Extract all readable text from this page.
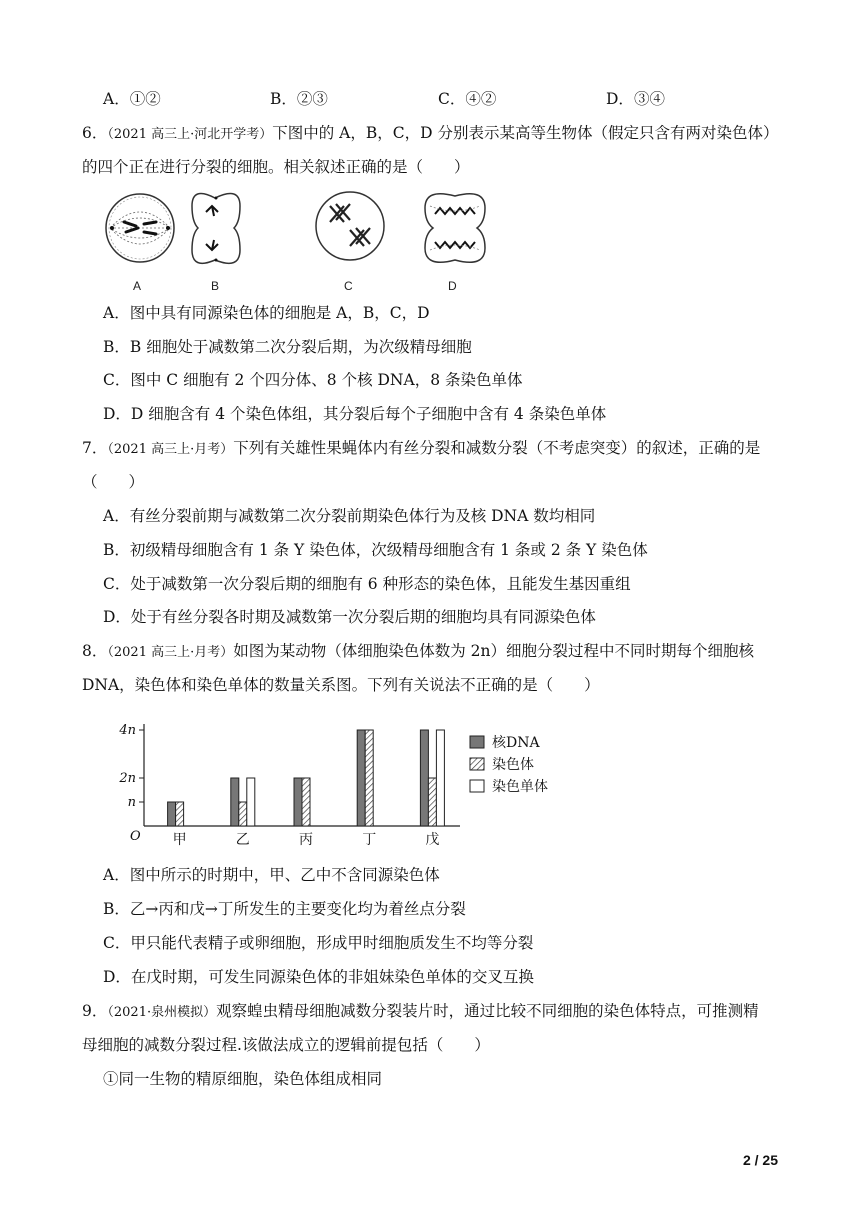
A．①②	B．②③	C．④②	D．③④
6．（2021 高三上·河北开学考）下图中的 A，B，C，D 分别表示某高等生物体（假定只含有两对染色体）
的四个正在进行分裂的细胞。相关叙述正确的是（　　）
A	B	C	D
A．图中具有同源染色体的细胞是 A，B，C，D
B．B 细胞处于减数第二次分裂后期，为次级精母细胞
C．图中 C 细胞有 2 个四分体、8 个核 DNA，8 条染色单体
D．D 细胞含有 4 个染色体组，其分裂后每个子细胞中含有 4 条染色单体
7．（2021 高三上·月考）下列有关雄性果蝇体内有丝分裂和减数分裂（不考虑突变）的叙述，正确的是
（　　）
A．有丝分裂前期与减数第二次分裂前期染色体行为及核 DNA 数均相同
B．初级精母细胞含有 1 条 Y 染色体，次级精母细胞含有 1 条或 2 条 Y 染色体
C．处于减数第一次分裂后期的细胞有 6 种形态的染色体，且能发生基因重组
D．处于有丝分裂各时期及减数第一次分裂后期的细胞均具有同源染色体
8．（2021 高三上·月考）如图为某动物（体细胞染色体数为 2n）细胞分裂过程中不同时期每个细胞核
DNA，染色体和染色单体的数量关系图。下列有关说法不正确的是（　　）
n
2n
4n
O 甲	乙	丙	丁	戊
核DNA
染色体
染色单体
A．图中所示的时期中，甲、乙中不含同源染色体
B．乙→丙和戊→丁所发生的主要变化均为着丝点分裂
C．甲只能代表精子或卵细胞，形成甲时细胞质发生不均等分裂
D．在戊时期，可发生同源染色体的非姐妹染色单体的交叉互换
9．（2021·泉州模拟）观察蝗虫精母细胞减数分裂装片时，通过比较不同细胞的染色体特点，可推测精
母细胞的减数分裂过程.该做法成立的逻辑前提包括（　　）
①同一生物的精原细胞，染色体组成相同
2 / 25
